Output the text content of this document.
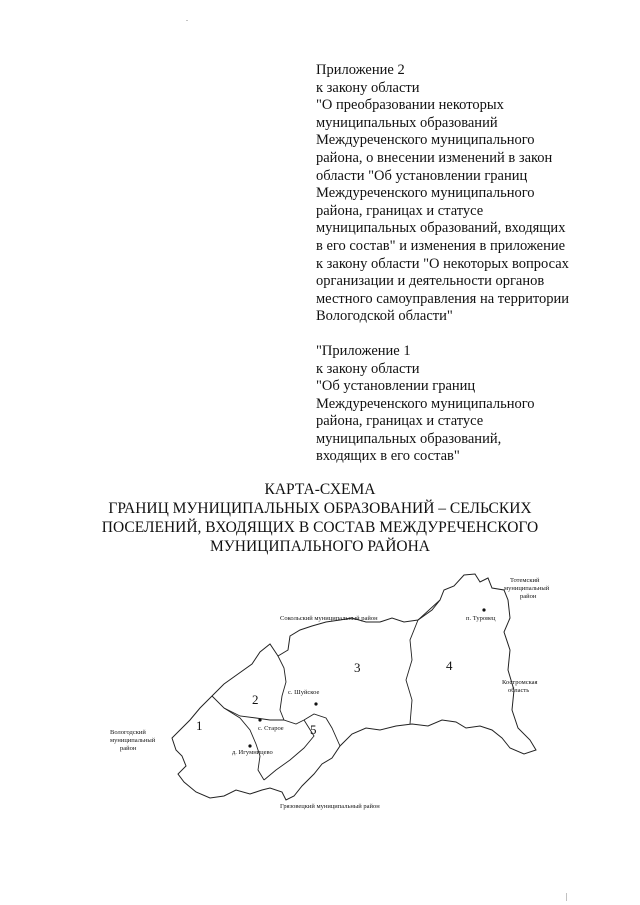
Приложение 2
к закону области
"О преобразовании некоторых
муниципальных образований
Междуреченского муниципального
района, о внесении изменений в закон
области "Об установлении границ
Междуреченского муниципального
района, границах и статусе
муниципальных образований, входящих
в его состав" и изменения в приложение
к закону области "О некоторых вопросах
организации и деятельности органов
местного самоуправления на территории
Вологодской области"
"Приложение 1
к закону области
"Об установлении границ
Междуреченского муниципального
района, границах и статусе
муниципальных образований,
входящих в его состав"
КАРТА-СХЕМА
ГРАНИЦ МУНИЦИПАЛЬНЫХ ОБРАЗОВАНИЙ – СЕЛЬСКИХ
ПОСЕЛЕНИЙ, ВХОДЯЩИХ В СОСТАВ МЕЖДУРЕЧЕНСКОГО
МУНИЦИПАЛЬНОГО РАЙОНА
Сокольский муниципальный район
Тотемский
муниципальный
район
Костромская
область
Вологодский
муниципальный
район
Грязовецкий муниципальный район
п. Туровец
с. Шуйское
с. Старое
д. Игумницево
1
2
3	4
5
.
|
